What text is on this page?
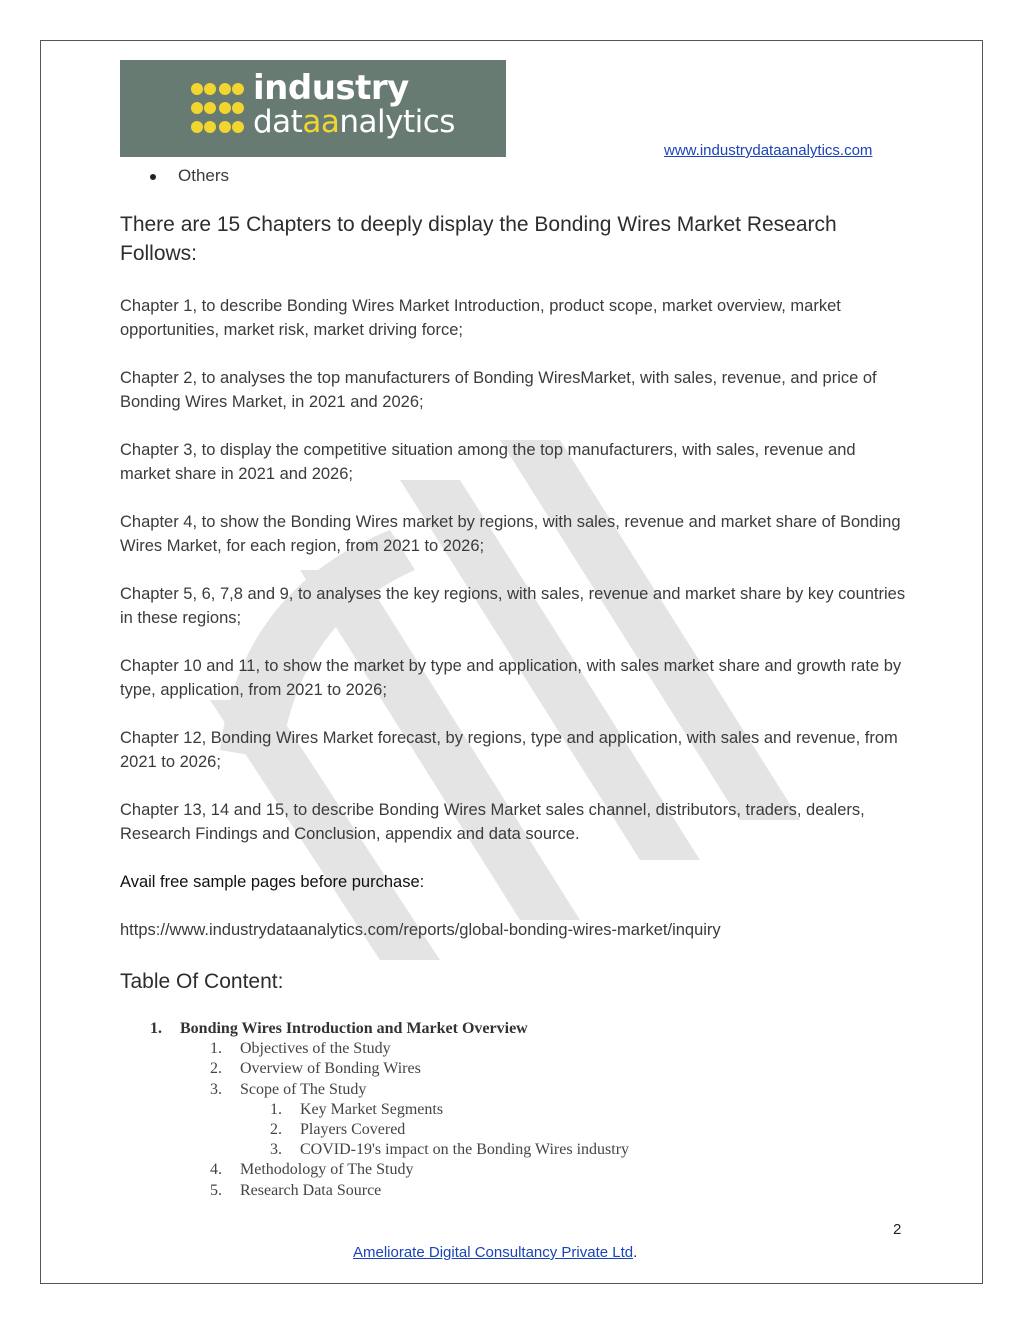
industry
dataanalytics
www.industrydataanalytics.com
Others

There are 15 Chapters to deeply display the Bonding Wires Market Research Follows:

Chapter 1, to describe Bonding Wires Market Introduction, product scope, market overview, market opportunities, market risk, market driving force;

Chapter 2, to analyses the top manufacturers of Bonding WiresMarket, with sales, revenue, and price of Bonding Wires Market, in 2021 and 2026;

Chapter 3, to display the competitive situation among the top manufacturers, with sales, revenue and market share in 2021 and 2026;

Chapter 4, to show the Bonding Wires market by regions, with sales, revenue and market share of Bonding Wires Market, for each region, from 2021 to 2026;

Chapter 5, 6, 7,8 and 9, to analyses the key regions, with sales, revenue and market share by key countries in these regions;

Chapter 10 and 11, to show the market by type and application, with sales market share and growth rate by type, application, from 2021 to 2026;

Chapter 12, Bonding Wires Market forecast, by regions, type and application, with sales and revenue, from 2021 to 2026;

Chapter 13, 14 and 15, to describe Bonding Wires Market sales channel, distributors, traders, dealers, Research Findings and Conclusion, appendix and data source.

Avail free sample pages before purchase:

https://www.industrydataanalytics.com/reports/global-bonding-wires-market/inquiry

Table Of Content:

1. Bonding Wires Introduction and Market Overview
1. Objectives of the Study
2. Overview of Bonding Wires
3. Scope of The Study
1. Key Market Segments
2. Players Covered
3. COVID-19's impact on the Bonding Wires industry
4. Methodology of The Study
5. Research Data Source
2
Ameliorate Digital Consultancy Private Ltd.
